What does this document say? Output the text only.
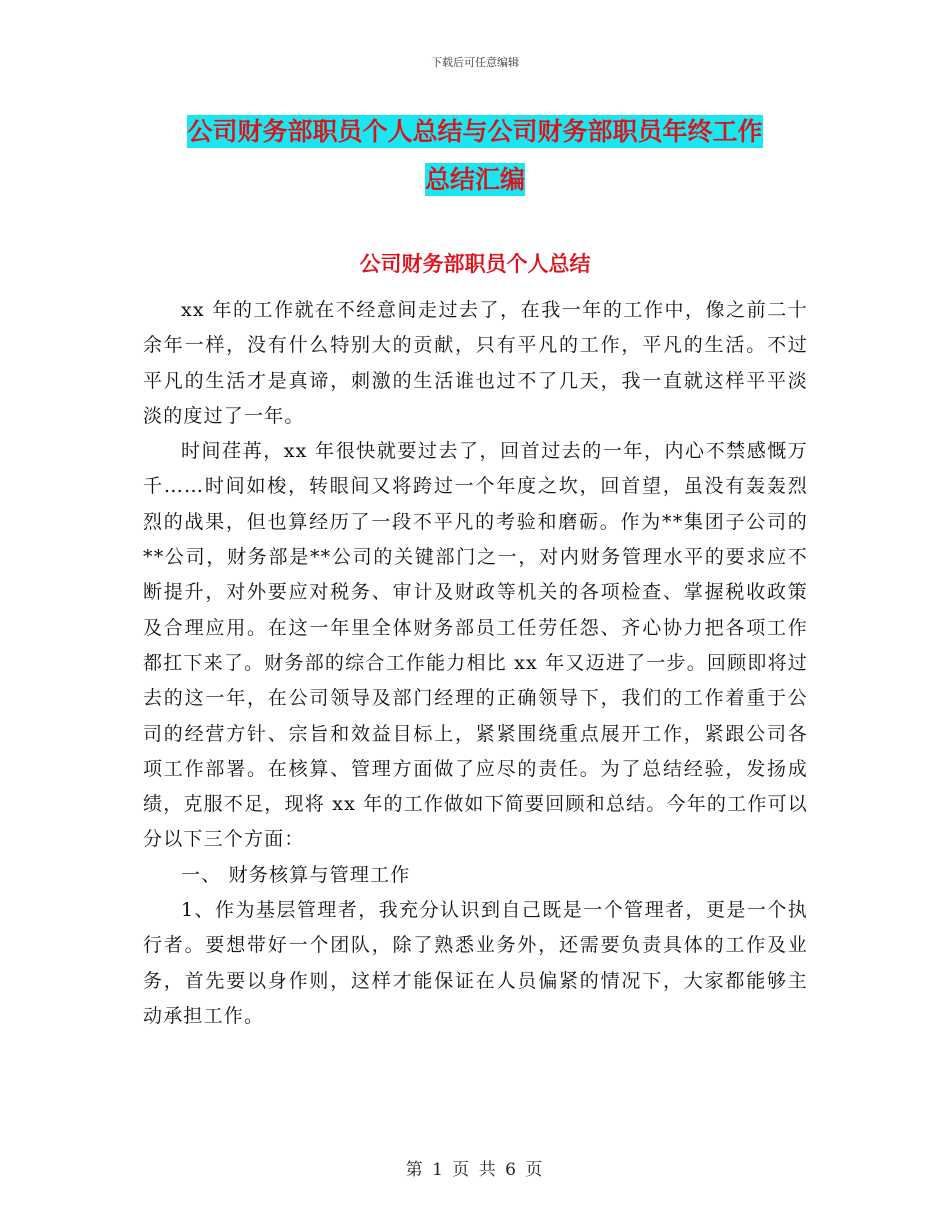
下载后可任意编辑
公司财务部职员个人总结与公司财务部职员年终工作
总结汇编
公司财务部职员个人总结

xx 年的工作就在不经意间走过去了，在我一年的工作中，像之前二十余年一样，没有什么特别大的贡献，只有平凡的工作，平凡的生活。不过平凡的生活才是真谛，刺激的生活谁也过不了几天，我一直就这样平平淡淡的度过了一年。

时间荏苒，xx 年很快就要过去了，回首过去的一年，内心不禁感慨万千……时间如梭，转眼间又将跨过一个年度之坎，回首望，虽没有轰轰烈烈的战果，但也算经历了一段不平凡的考验和磨砺。作为**集团子公司的**公司，财务部是**公司的关键部门之一，对内财务管理水平的要求应不断提升，对外要应对税务、审计及财政等机关的各项检查、掌握税收政策及合理应用。在这一年里全体财务部员工任劳任怨、齐心协力把各项工作都扛下来了。财务部的综合工作能力相比 xx 年又迈进了一步。回顾即将过去的这一年，在公司领导及部门经理的正确领导下，我们的工作着重于公司的经营方针、宗旨和效益目标上，紧紧围绕重点展开工作，紧跟公司各项工作部署。在核算、管理方面做了应尽的责任。为了总结经验，发扬成绩，克服不足，现将 xx 年的工作做如下简要回顾和总结。今年的工作可以分以下三个方面：

一、 财务核算与管理工作

1、作为基层管理者，我充分认识到自己既是一个管理者，更是一个执行者。要想带好一个团队，除了熟悉业务外，还需要负责具体的工作及业务，首先要以身作则，这样才能保证在人员偏紧的情况下，大家都能够主动承担工作。

第 1 页 共 6 页
